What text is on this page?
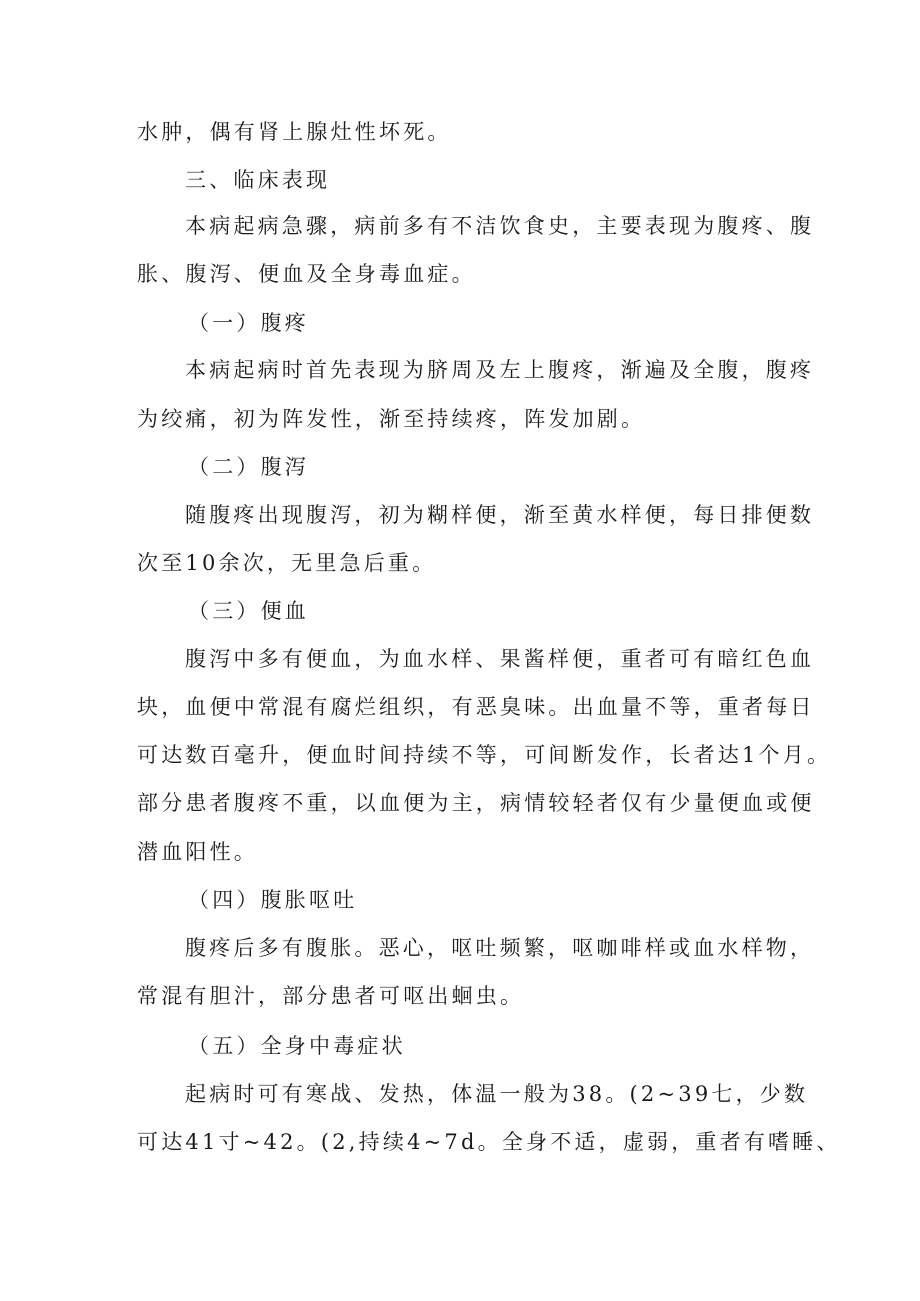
水肿，偶有肾上腺灶性坏死。

三、临床表现

本病起病急骤，病前多有不洁饮食史，主要表现为腹疼、腹

胀、腹泻、便血及全身毒血症。

（一）腹疼

本病起病时首先表现为脐周及左上腹疼，渐遍及全腹，腹疼

为绞痛，初为阵发性，渐至持续疼，阵发加剧。

（二）腹泻

随腹疼出现腹泻，初为糊样便，渐至黄水样便，每日排便数

次至10余次，无里急后重。

（三）便血

腹泻中多有便血，为血水样、果酱样便，重者可有暗红色血

块，血便中常混有腐烂组织，有恶臭味。出血量不等，重者每日

可达数百毫升，便血时间持续不等，可间断发作，长者达1个月。

部分患者腹疼不重，以血便为主，病情较轻者仅有少量便血或便

潜血阳性。

（四）腹胀呕吐

腹疼后多有腹胀。恶心，呕吐频繁，呕咖啡样或血水样物，

常混有胆汁，部分患者可呕出蛔虫。

（五）全身中毒症状

起病时可有寒战、发热，体温一般为38。(2~39七，少数

可达41寸~42。(2,持续4~7d。全身不适，虚弱，重者有嗜睡、
